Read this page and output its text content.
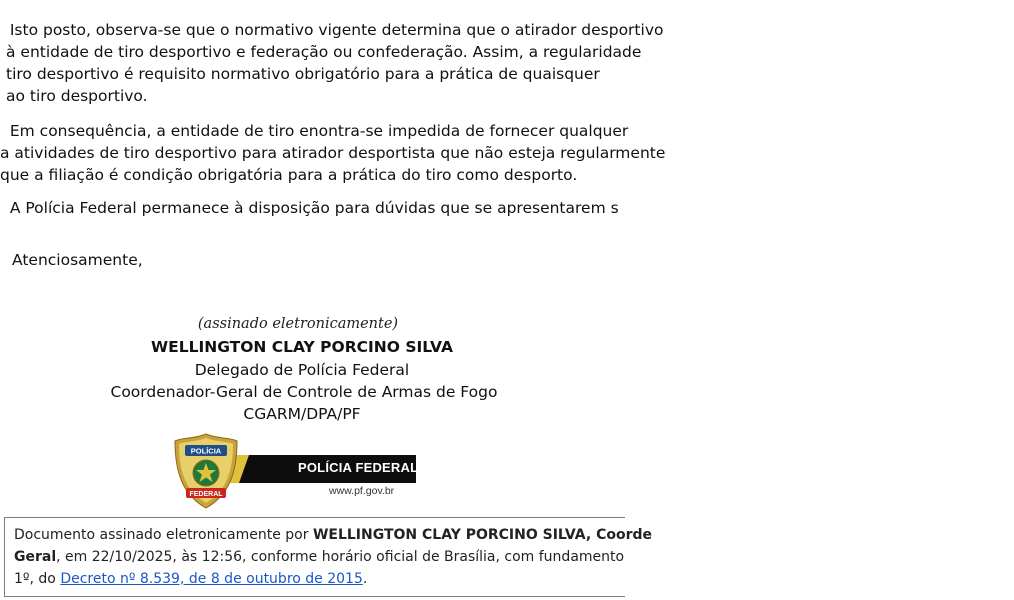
Isto posto, observa-se que o normativo vigente determina que o atirador desportivo
à entidade de tiro desportivo e federação ou confederação. Assim, a regularidade
tiro desportivo é requisito normativo obrigatório para a prática de quaisquer
ao tiro desportivo.
Em consequência, a entidade de tiro enontra-se impedida de fornecer qualquer
a atividades de tiro desportivo para atirador desportista que não esteja regularmente
que a filiação é condição obrigatória para a prática do tiro como desporto.
A Polícia Federal permanece à disposição para dúvidas que se apresentarem s
Atenciosamente,
(assinado eletronicamente)
WELLINGTON CLAY PORCINO SILVA
Delegado de Polícia Federal
Coordenador-Geral de Controle de Armas de Fogo
CGARM/DPA/PF
POLÍCIA FEDERAL
www.pf.gov.br
POLÍCIA
FEDERAL
Documento assinado eletronicamente por WELLINGTON CLAY PORCINO SILVA, Coorde
Geral, em 22/10/2025, às 12:56, conforme horário oficial de Brasília, com fundamento
1º, do Decreto nº 8.539, de 8 de outubro de 2015.
